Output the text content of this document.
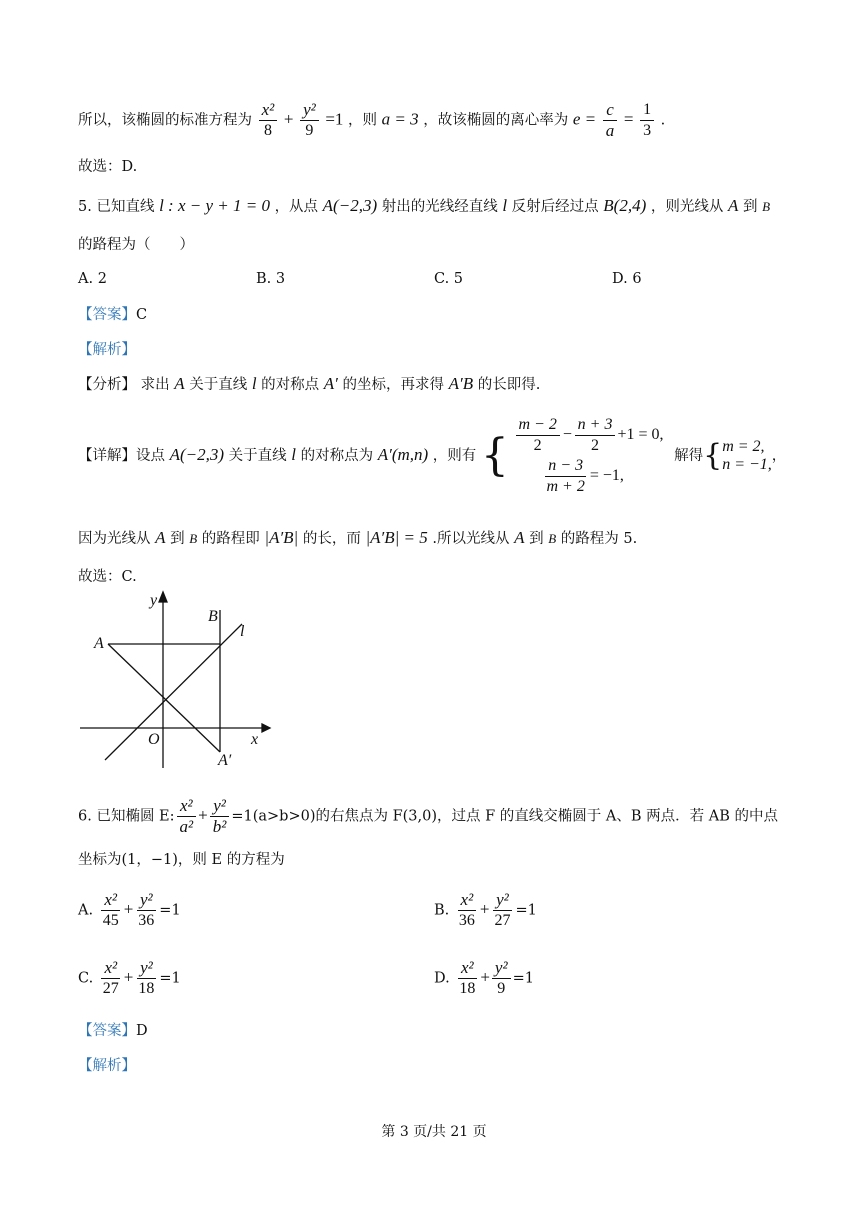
所以，该椭圆的标准方程为 $\frac{\text{x²}}{8} + \frac{\text{y²}}{9} =1$ ，则 a = 3 ，故该椭圆的离心率为 $e = \frac{c}{a} = \frac{1}{3}$ .
故选：D.
5. 已知直线 l : x − y + 1 = 0 ，从点 A(−2,3) 射出的光线经直线 l 反射后经过点 B(2,4) ，则光线从 A 到 B
的路程为（　　）
A. 2	B. 3	C. 5	D. 6
【答案】C
【解析】
【分析】 求出 A 关于直线 l 的对称点 A′ 的坐标，再求得 A′B 的长即得.
【详解】设点 A(−2,3) 关于直线 l 的对称点为 A′(m,n) ，则有 { $\frac{m - 2}{2} - \frac{n + 3}{2} +1 = 0$,
$\frac{n - 3}{m + 2} = -1$,
解得{ m = 2,
n = −1, ，
因为光线从 A 到 B 的路程即 |A′B| 的长，而 |A′B| = 5 .所以光线从 A 到 B 的路程为 5.
故选：C.
y
B
l
A
O	x
A′
6. 已知椭圆 E: $\frac{\text{x²}}{\text{a²}} + \frac{\text{y²}}{\text{b²}} =1(a>b>0)$的右焦点为 F(3,0)，过点 F 的直线交椭圆于 A、B 两点．若 AB 的中点
坐标为(1，−1)，则 E 的方程为
A. $\frac{\text{x²}}{45} + \frac{\text{y²}}{36} =1$	B. $\frac{\text{x²}}{36} + \frac{\text{y²}}{27} =1$
C. $\frac{\text{x²}}{27} + \frac{\text{y²}}{18} =1$	D. $\frac{\text{x²}}{18} + \frac{\text{y²}}{9} =1$
【答案】D
【解析】
第 3 页/共 21 页
